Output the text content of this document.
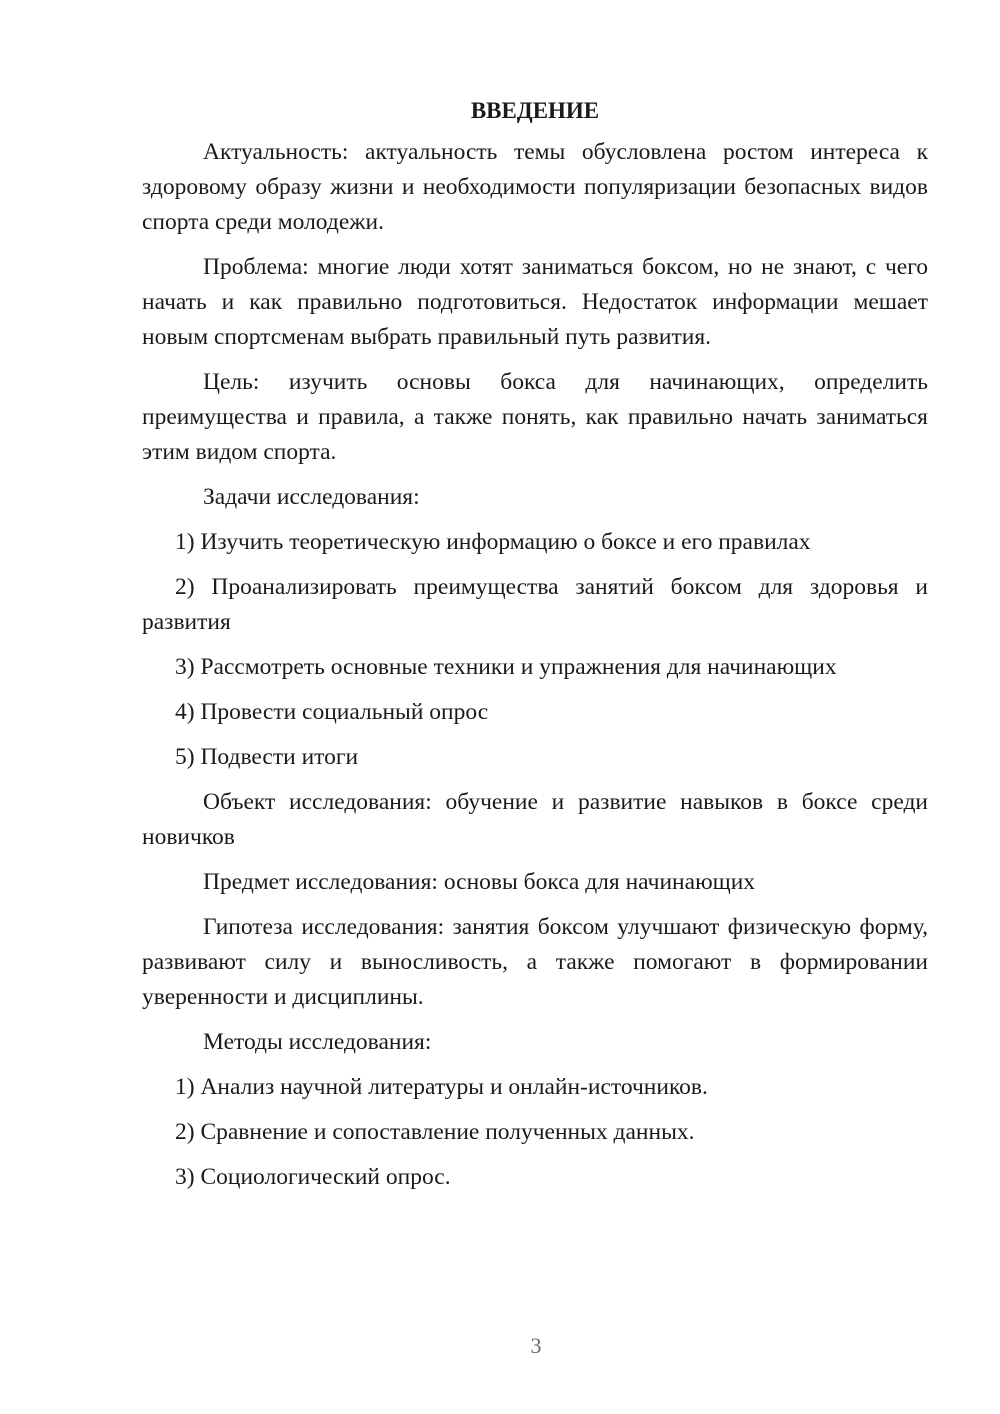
ВВЕДЕНИЕ

Актуальность: актуальность темы обусловлена ростом интереса к здоровому образу жизни и необходимости популяризации безопасных видов спорта среди молодежи.

Проблема: многие люди хотят заниматься боксом, но не знают, с чего начать и как правильно подготовиться. Недостаток информации мешает новым спортсменам выбрать правильный путь развития.

Цель: изучить основы бокса для начинающих, определить преимущества и правила, а также понять, как правильно начать заниматься этим видом спорта.

Задачи исследования:

1) Изучить теоретическую информацию о боксе и его правилах

2) Проанализировать преимущества занятий боксом для здоровья и развития

3) Рассмотреть основные техники и упражнения для начинающих

4) Провести социальный опрос

5) Подвести итоги

Объект исследования: обучение и развитие навыков в боксе среди новичков

Предмет исследования: основы бокса для начинающих

Гипотеза исследования: занятия боксом улучшают физическую форму, развивают силу и выносливость, а также помогают в формировании уверенности и дисциплины.

Методы исследования:

1) Анализ научной литературы и онлайн-источников.

2) Сравнение и сопоставление полученных данных.

3) Социологический опрос.

3
